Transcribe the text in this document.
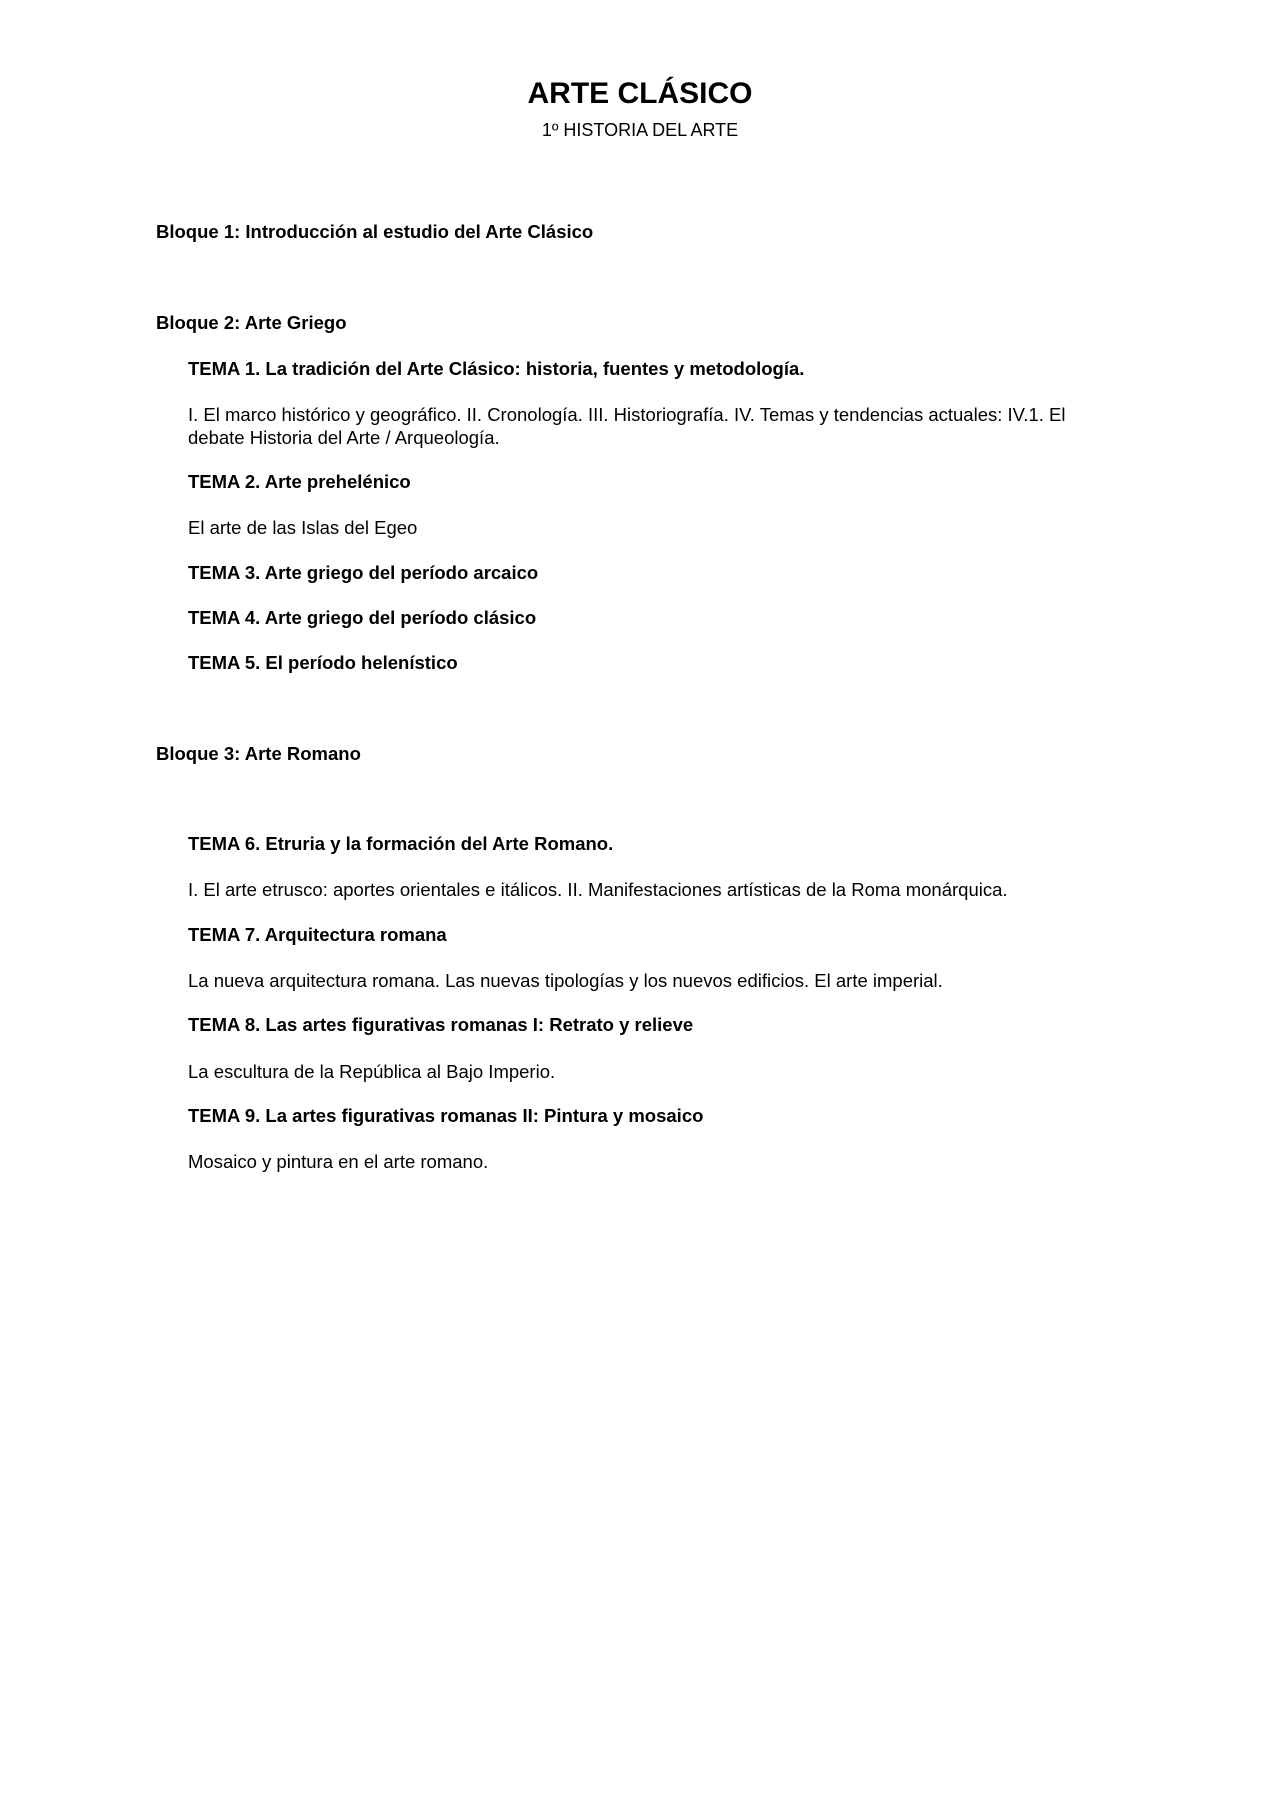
ARTE CLÁSICO
1º HISTORIA DEL ARTE
Bloque 1: Introducción al estudio del Arte Clásico
Bloque 2: Arte Griego
TEMA 1. La tradición del Arte Clásico: historia, fuentes y metodología.
I. El marco histórico y geográfico. II. Cronología. III. Historiografía. IV. Temas y tendencias actuales: IV.1. El debate Historia del Arte / Arqueología.
TEMA 2. Arte prehelénico
El arte de las Islas del Egeo
TEMA 3. Arte griego del período arcaico
TEMA 4. Arte griego del período clásico
TEMA 5. El período helenístico
Bloque 3: Arte Romano
TEMA 6. Etruria y la formación del Arte Romano.
I. El arte etrusco: aportes orientales e itálicos. II. Manifestaciones artísticas de la Roma monárquica.
TEMA 7. Arquitectura romana
La nueva arquitectura romana. Las nuevas tipologías y los nuevos edificios. El arte imperial.
TEMA 8. Las artes figurativas romanas I: Retrato y relieve
La escultura de la República al Bajo Imperio.
TEMA 9. La artes figurativas romanas II: Pintura y mosaico
Mosaico y pintura en el arte romano.
